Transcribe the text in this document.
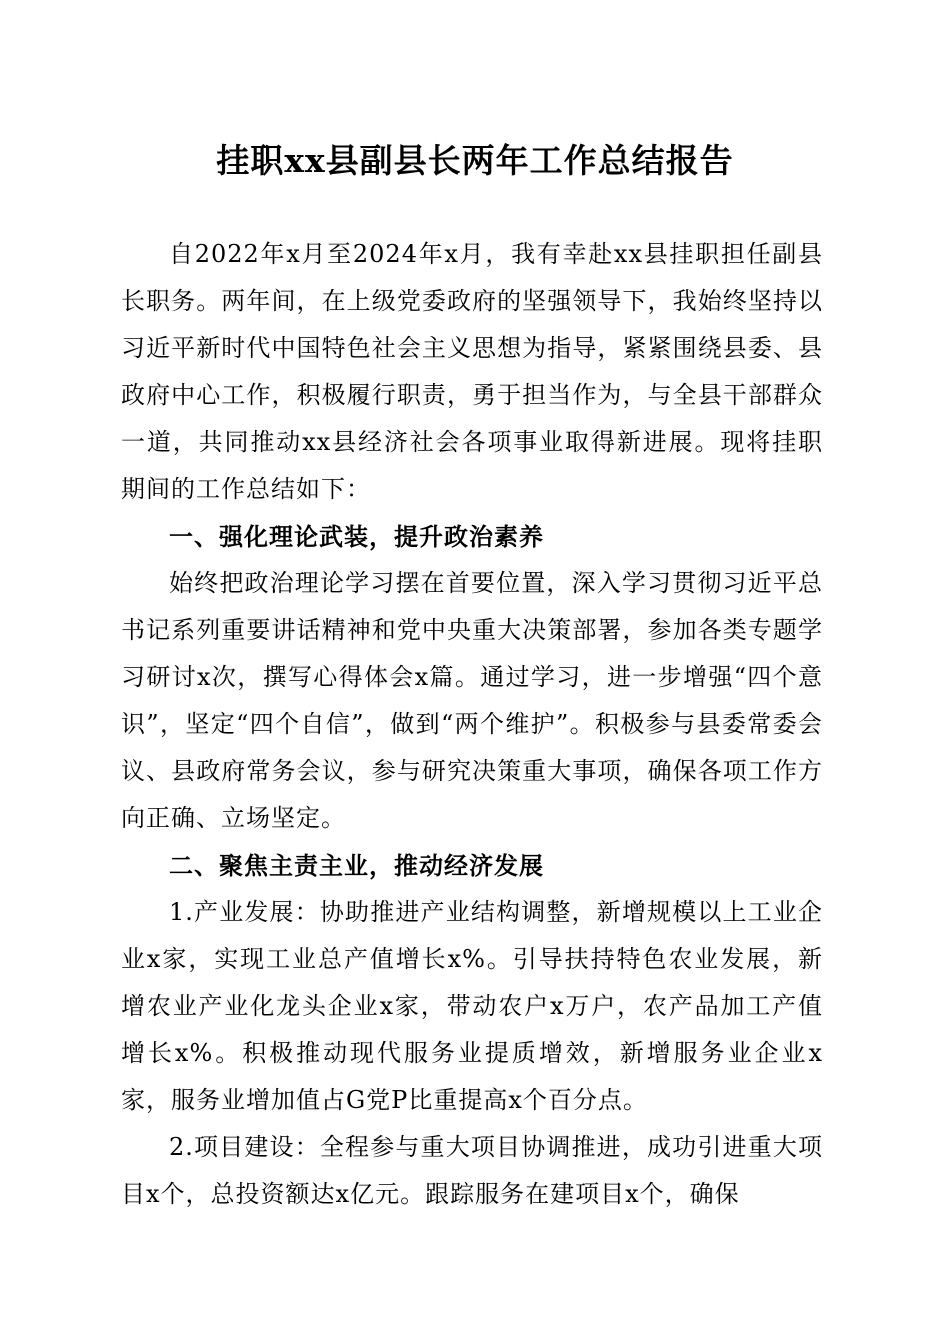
挂职xx县副县长两年工作总结报告

自2022年x月至2024年x月，我有幸赴xx县挂职担任副县长职务。两年间，在上级党委政府的坚强领导下，我始终坚持以习近平新时代中国特色社会主义思想为指导，紧紧围绕县委、县政府中心工作，积极履行职责，勇于担当作为，与全县干部群众一道，共同推动xx县经济社会各项事业取得新进展。现将挂职期间的工作总结如下：

一、强化理论武装，提升政治素养

始终把政治理论学习摆在首要位置，深入学习贯彻习近平总书记系列重要讲话精神和党中央重大决策部署，参加各类专题学习研讨x次，撰写心得体会x篇。通过学习，进一步增强“四个意识”，坚定“四个自信”，做到“两个维护”。积极参与县委常委会议、县政府常务会议，参与研究决策重大事项，确保各项工作方向正确、立场坚定。

二、聚焦主责主业，推动经济发展

1.产业发展：协助推进产业结构调整，新增规模以上工业企业x家，实现工业总产值增长x%。引导扶持特色农业发展，新增农业产业化龙头企业x家，带动农户x万户，农产品加工产值增长x%。积极推动现代服务业提质增效，新增服务业企业x家，服务业增加值占G党P比重提高x个百分点。

2.项目建设：全程参与重大项目协调推进，成功引进重大项目x个，总投资额达x亿元。跟踪服务在建项目x个，确保
